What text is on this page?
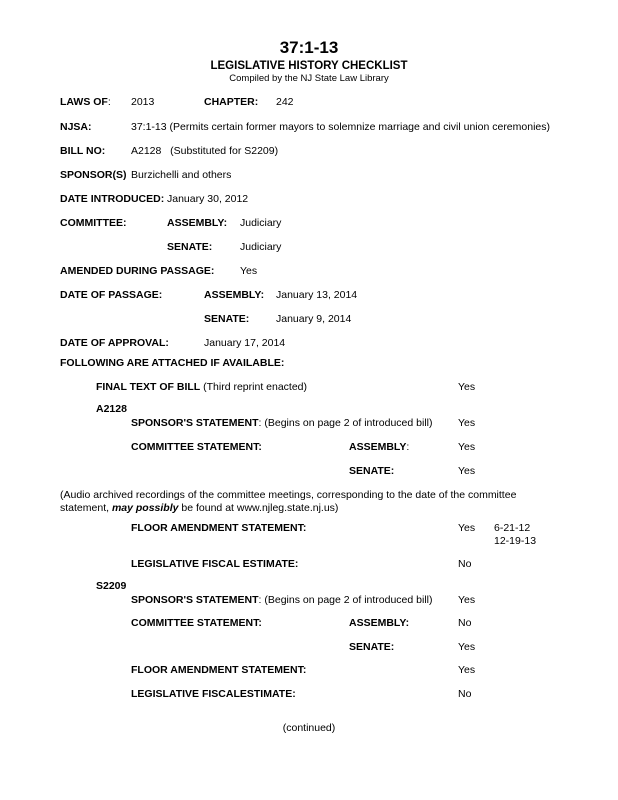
37:1-13
LEGISLATIVE HISTORY CHECKLIST
Compiled by the NJ State Law Library
LAWS OF: 2013	CHAPTER: 242
NJSA:	37:1-13 (Permits certain former mayors to solemnize marriage and civil union ceremonies)
BILL NO: A2128   (Substituted for S2209)
SPONSOR(S) Burzichelli and others
DATE INTRODUCED: January 30, 2012
COMMITTEE:	ASSEMBLY: Judiciary
SENATE:	Judiciary
AMENDED DURING PASSAGE: Yes
DATE OF PASSAGE:	ASSEMBLY: January 13, 2014
SENATE:	January 9, 2014
DATE OF APPROVAL:	January 17, 2014
FOLLOWING ARE ATTACHED IF AVAILABLE:
FINAL TEXT OF BILL (Third reprint enacted)	Yes
A2128
SPONSOR'S STATEMENT: (Begins on page 2 of introduced bill) Yes
COMMITTEE STATEMENT:	ASSEMBLY:	Yes
SENATE:	Yes
(Audio archived recordings of the committee meetings, corresponding to the date of the committee statement, may possibly be found at www.njleg.state.nj.us)
FLOOR AMENDMENT STATEMENT:	Yes 6-21-12
12-19-13
LEGISLATIVE FISCAL ESTIMATE:	No
S2209
SPONSOR'S STATEMENT: (Begins on page 2 of introduced bill) Yes
COMMITTEE STATEMENT:	ASSEMBLY:	No
SENATE:	Yes
FLOOR AMENDMENT STATEMENT:	Yes
LEGISLATIVE FISCALESTIMATE:	No
(continued)
